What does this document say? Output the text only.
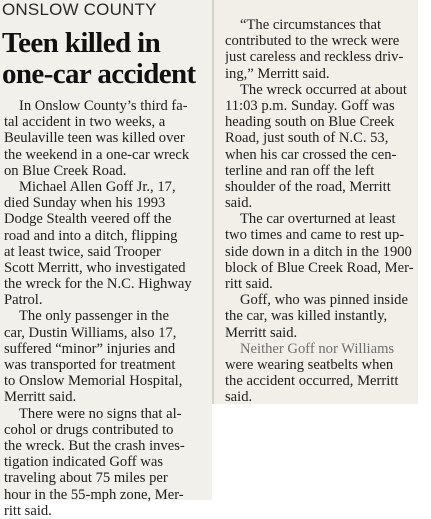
ONSLOW COUNTY
Teen killed in
one-car accident
In Onslow County’s third fa-
tal accident in two weeks, a
Beulaville teen was killed over
the weekend in a one-car wreck
on Blue Creek Road.
Michael Allen Goff Jr., 17,
died Sunday when his 1993
Dodge Stealth veered off the
road and into a ditch, flipping
at least twice, said Trooper
Scott Merritt, who investigated
the wreck for the N.C. Highway
Patrol.
The only passenger in the
car, Dustin Williams, also 17,
suffered “minor” injuries and
was transported for treatment
to Onslow Memorial Hospital,
Merritt said.
There were no signs that al-
cohol or drugs contributed to
the wreck. But the crash inves-
tigation indicated Goff was
traveling about 75 miles per
hour in the 55-mph zone, Mer-
ritt said.
“The circumstances that
contributed to the wreck were
just careless and reckless driv-
ing,” Merritt said.
The wreck occurred at about
11:03 p.m. Sunday. Goff was
heading south on Blue Creek
Road, just south of N.C. 53,
when his car crossed the cen-
terline and ran off the left
shoulder of the road, Merritt
said.
The car overturned at least
two times and came to rest up-
side down in a ditch in the 1900
block of Blue Creek Road, Mer-
ritt said.
Goff, who was pinned inside
the car, was killed instantly,
Merritt said.
Neither Goff nor Williams
were wearing seatbelts when
the accident occurred, Merritt
said.
